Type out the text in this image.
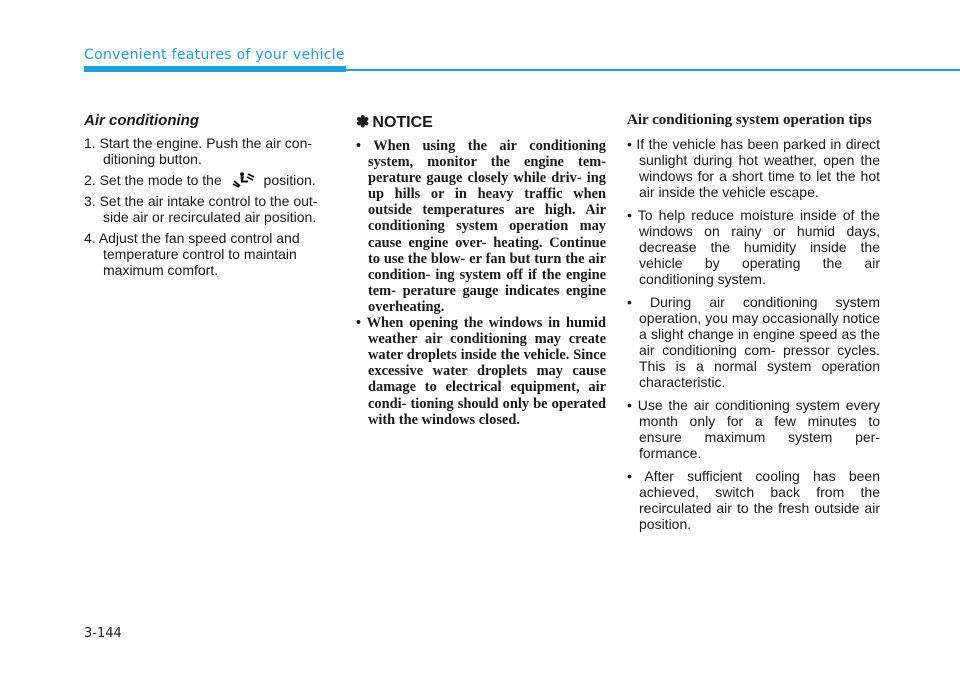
Convenient features of your vehicle
Air conditioning
1. Start the engine. Push the air con- ditioning button.
2. Set the mode to the	position.
3. Set the air intake control to the out- side air or recirculated air position.
4. Adjust the fan speed control and temperature control to maintain maximum comfort.
✽ NOTICE
• When using the air conditioning system, monitor the engine tem- perature gauge closely while driv- ing up hills or in heavy traffic when outside temperatures are high. Air conditioning system operation may cause engine over- heating. Continue to use the blow- er fan but turn the air condition- ing system off if the engine tem- perature gauge indicates engine overheating.
• When opening the windows in humid weather air conditioning may create water droplets inside the vehicle. Since excessive water droplets may cause damage to electrical equipment, air condi- tioning should only be operated with the windows closed.
Air conditioning system operation tips
• If the vehicle has been parked in direct sunlight during hot weather, open the windows for a short time to let the hot air inside the vehicle escape.
• To help reduce moisture inside of the windows on rainy or humid days, decrease the humidity inside the vehicle by operating the air conditioning system.
• During air conditioning system operation, you may occasionally notice a slight change in engine speed as the air conditioning com- pressor cycles. This is a normal system operation characteristic.
• Use the air conditioning system every month only for a few minutes to ensure maximum system per- formance.
• After sufficient cooling has been achieved, switch back from the recirculated air to the fresh outside air position.
3-144
